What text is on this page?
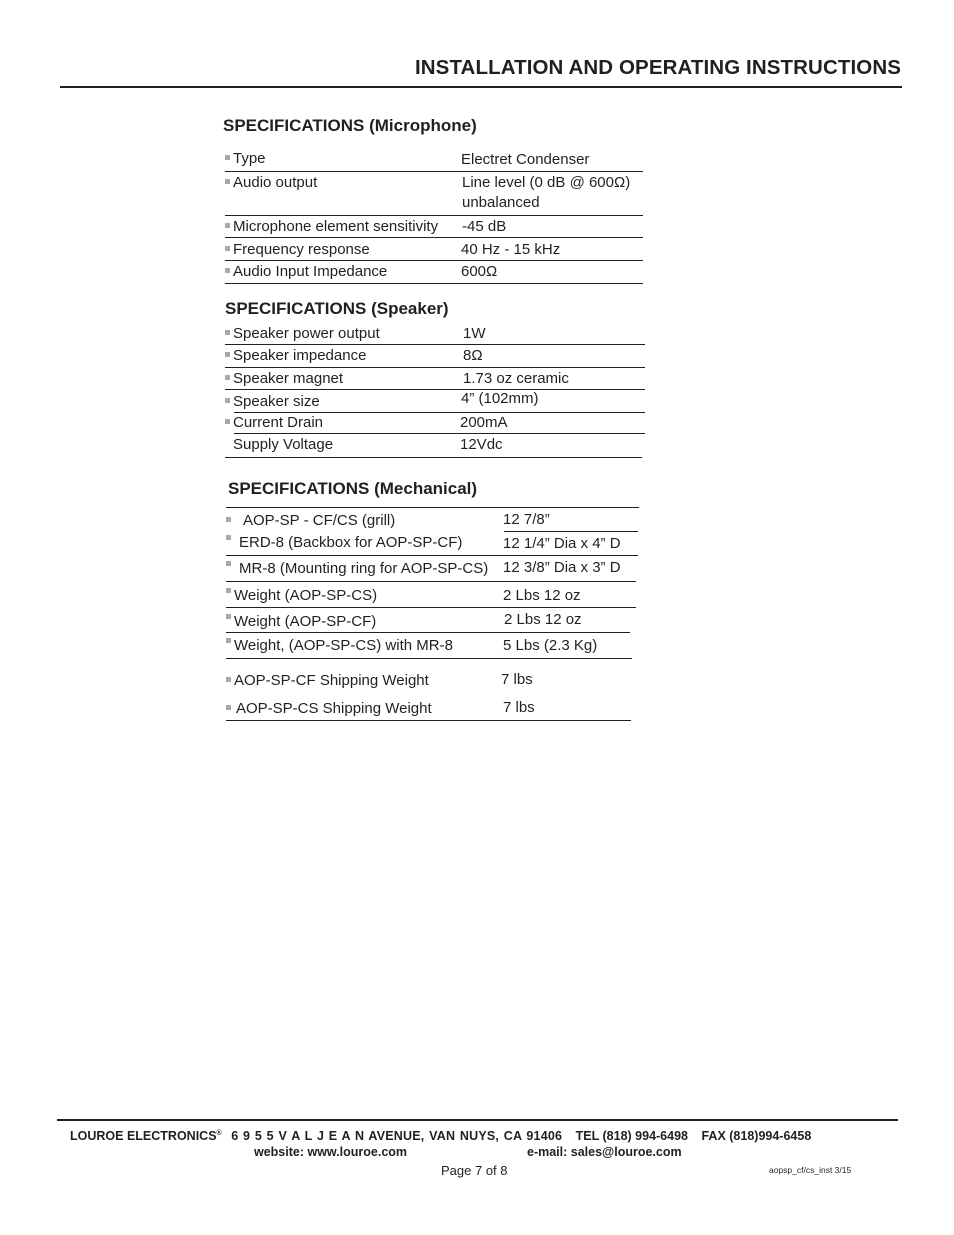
INSTALLATION AND OPERATING INSTRUCTIONS
SPECIFICATIONS (Microphone)
Type	Electret Condenser
Audio output	Line level (0 dB @ 600Ω)
unbalanced
Microphone element sensitivity -45 dB
Frequency response	40 Hz - 15 kHz
Audio Input Impedance	600Ω
SPECIFICATIONS (Speaker)
Speaker power output	1W
Speaker impedance	8Ω
Speaker magnet	1.73 oz ceramic
Speaker size	4” (102mm)
Current Drain	200mA
Supply Voltage	12Vdc
SPECIFICATIONS (Mechanical)
AOP-SP - CF/CS (grill)	12 7/8”
ERD-8 (Backbox for AOP-SP-CF)	12 1/4” Dia x 4” D
MR-8 (Mounting ring for AOP-SP-CS) 12 3/8” Dia x 3” D
Weight (AOP-SP-CS)	2 Lbs 12 oz
Weight (AOP-SP-CF)	2 Lbs 12 oz
Weight, (AOP-SP-CS) with MR-8	5 Lbs (2.3 Kg)
AOP-SP-CF Shipping Weight	7 lbs
AOP-SP-CS Shipping Weight	7 lbs
LOUROE ELECTRONICS® 6 9 5 5 V A L J E A N AVENUE, VAN NUYS, CA 91406 TEL (818) 994-6498 FAX (818)994-6458
website: www.louroe.com	e-mail: sales@louroe.com
Page 7 of 8	aopsp_cf/cs_inst 3/15
